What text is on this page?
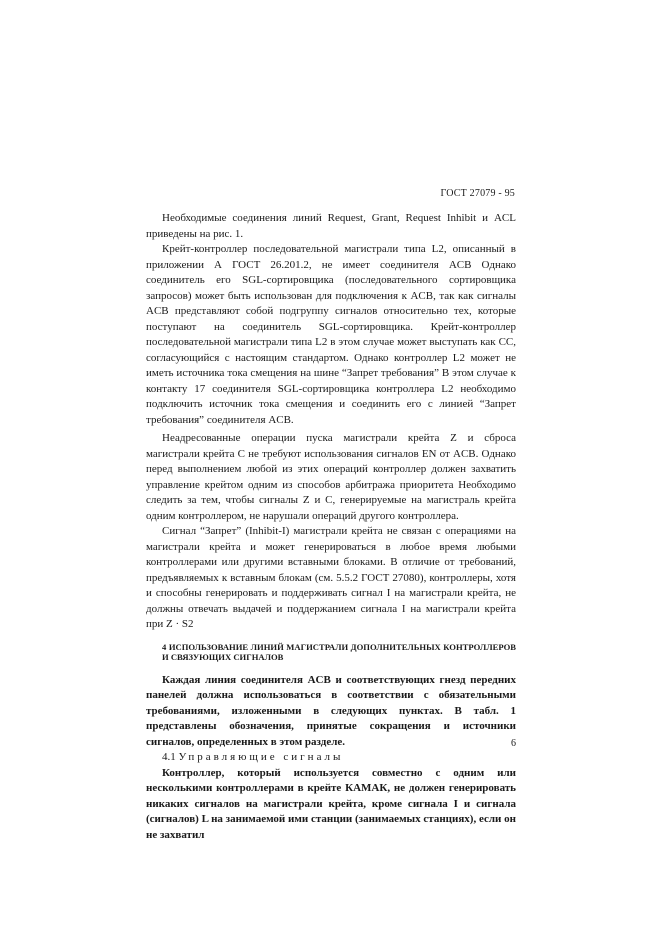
ГОСТ 27079 - 95

Необходимые соединения линий Request, Grant, Request Inhibit и ACL приведены на рис. 1.

Крейт-контроллер последовательной магистрали типа L2, описанный в приложении А ГОСТ 26.201.2, не имеет соединителя ACB Однако соединитель его SGL-сортировщика (последовательного сортировщика запросов) может быть использован для подключения к ACB, так как сигналы ACB представляют собой подгруппу сигналов относительно тех, которые поступают на соединитель SGL-сортировщика. Крейт-контроллер последовательной магистрали типа L2 в этом случае может выступать как СС, согласующийся с настоящим стандартом. Однако контроллер L2 может не иметь источника тока смещения на шине “Запрет требования” В этом случае к контакту 17 соединителя SGL-сортировщика контроллера L2 необходимо подключить источник тока смещения и соединить его с линией “Запрет требования” соединителя ACB.

Неадресованные операции пуска магистрали крейта Z и сброса магистрали крейта С не требуют использования сигналов EN от ACB. Однако перед выполнением любой из этих операций контроллер должен захватить управление крейтом одним из способов арбитража приоритета Необходимо следить за тем, чтобы сигналы Z и С, генерируемые на магистраль крейта одним контроллером, не нарушали операций другого контроллера.

Сигнал “Запрет” (Inhibit-I) магистрали крейта не связан с операциями на магистрали крейта и может генерироваться в любое время любыми контроллерами или другими вставными блоками. В отличие от требований, предъявляемых к вставным блокам (см. 5.5.2 ГОСТ 27080), контроллеры, хотя и способны генерировать и поддерживать сигнал I на магистрали крейта, не должны отвечать выдачей и поддержанием сигнала I на магистрали крейта при Z · S2

4 ИСПОЛЬЗОВАНИЕ ЛИНИЙ МАГИСТРАЛИ ДОПОЛНИТЕЛЬНЫХ КОНТРОЛЛЕРОВ И СВЯЗУЮЩИХ СИГНАЛОВ

Каждая линия соединителя ACB и соответствующих гнезд передних панелей должна использоваться в соответствии с обязательными требованиями, изложенными в следующих пунктах. В табл. 1 представлены обозначения, принятые сокращения и источники сигналов, определенных в этом разделе.

4.1 Управляющие сигналы

Контроллер, который используется совместно с одним или несколькими контроллерами в крейте КАМАК, не должен генерировать никаких сигналов на магистрали крейта, кроме сигнала I и сигнала (сигналов) L на занимаемой ими станции (занимаемых станциях), если он не захватил

6
